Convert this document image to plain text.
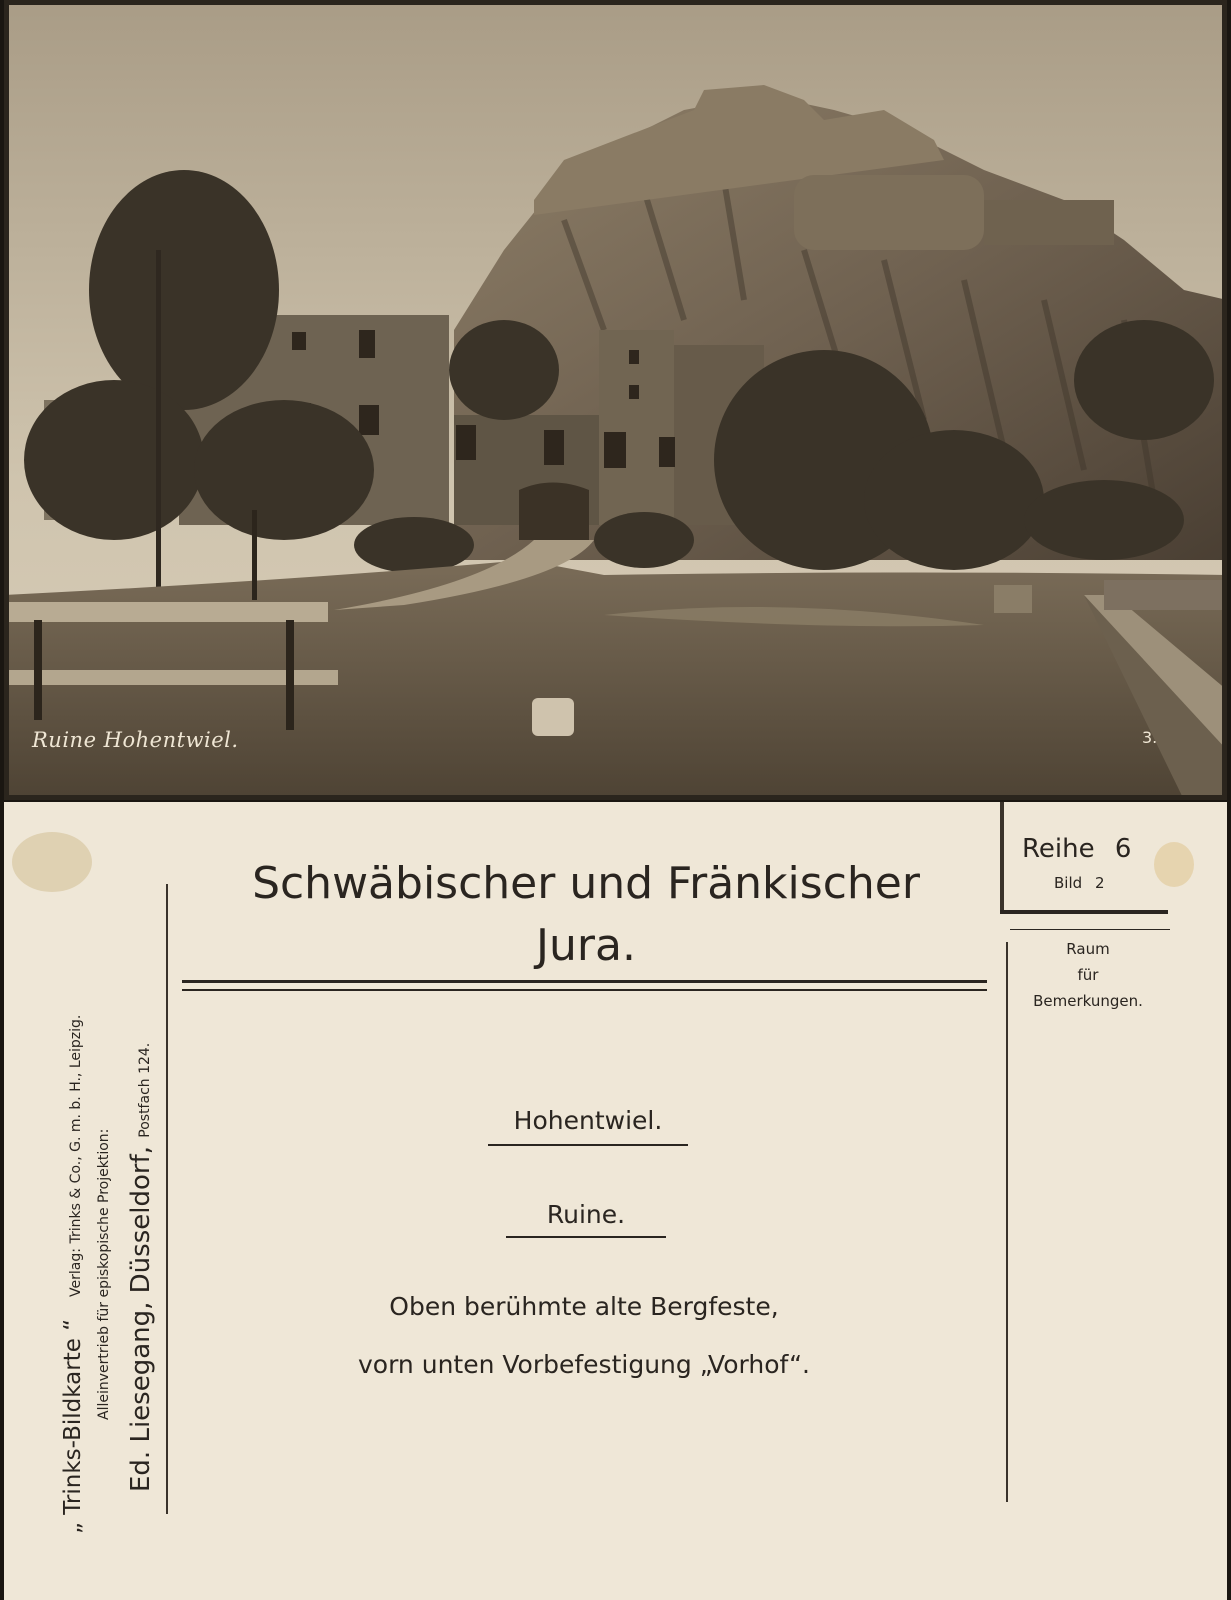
Ruine Hohentwiel.	3.
„ Trinks-Bildkarte “   Verlag: Trinks & Co., G. m. b. H., Leipzig. Alleinvertrieb für episkopische Projektion: Ed. Liesegang, Düsseldorf, Postfach 124.
Schwäbischer und Fränkischer
Jura.
Reihe 6
Bild 2
Raum
für
Bemerkungen.
Hohentwiel.
Ruine.
Oben berühmte alte Bergfeste,
vorn unten Vorbefestigung „Vorhof“.
